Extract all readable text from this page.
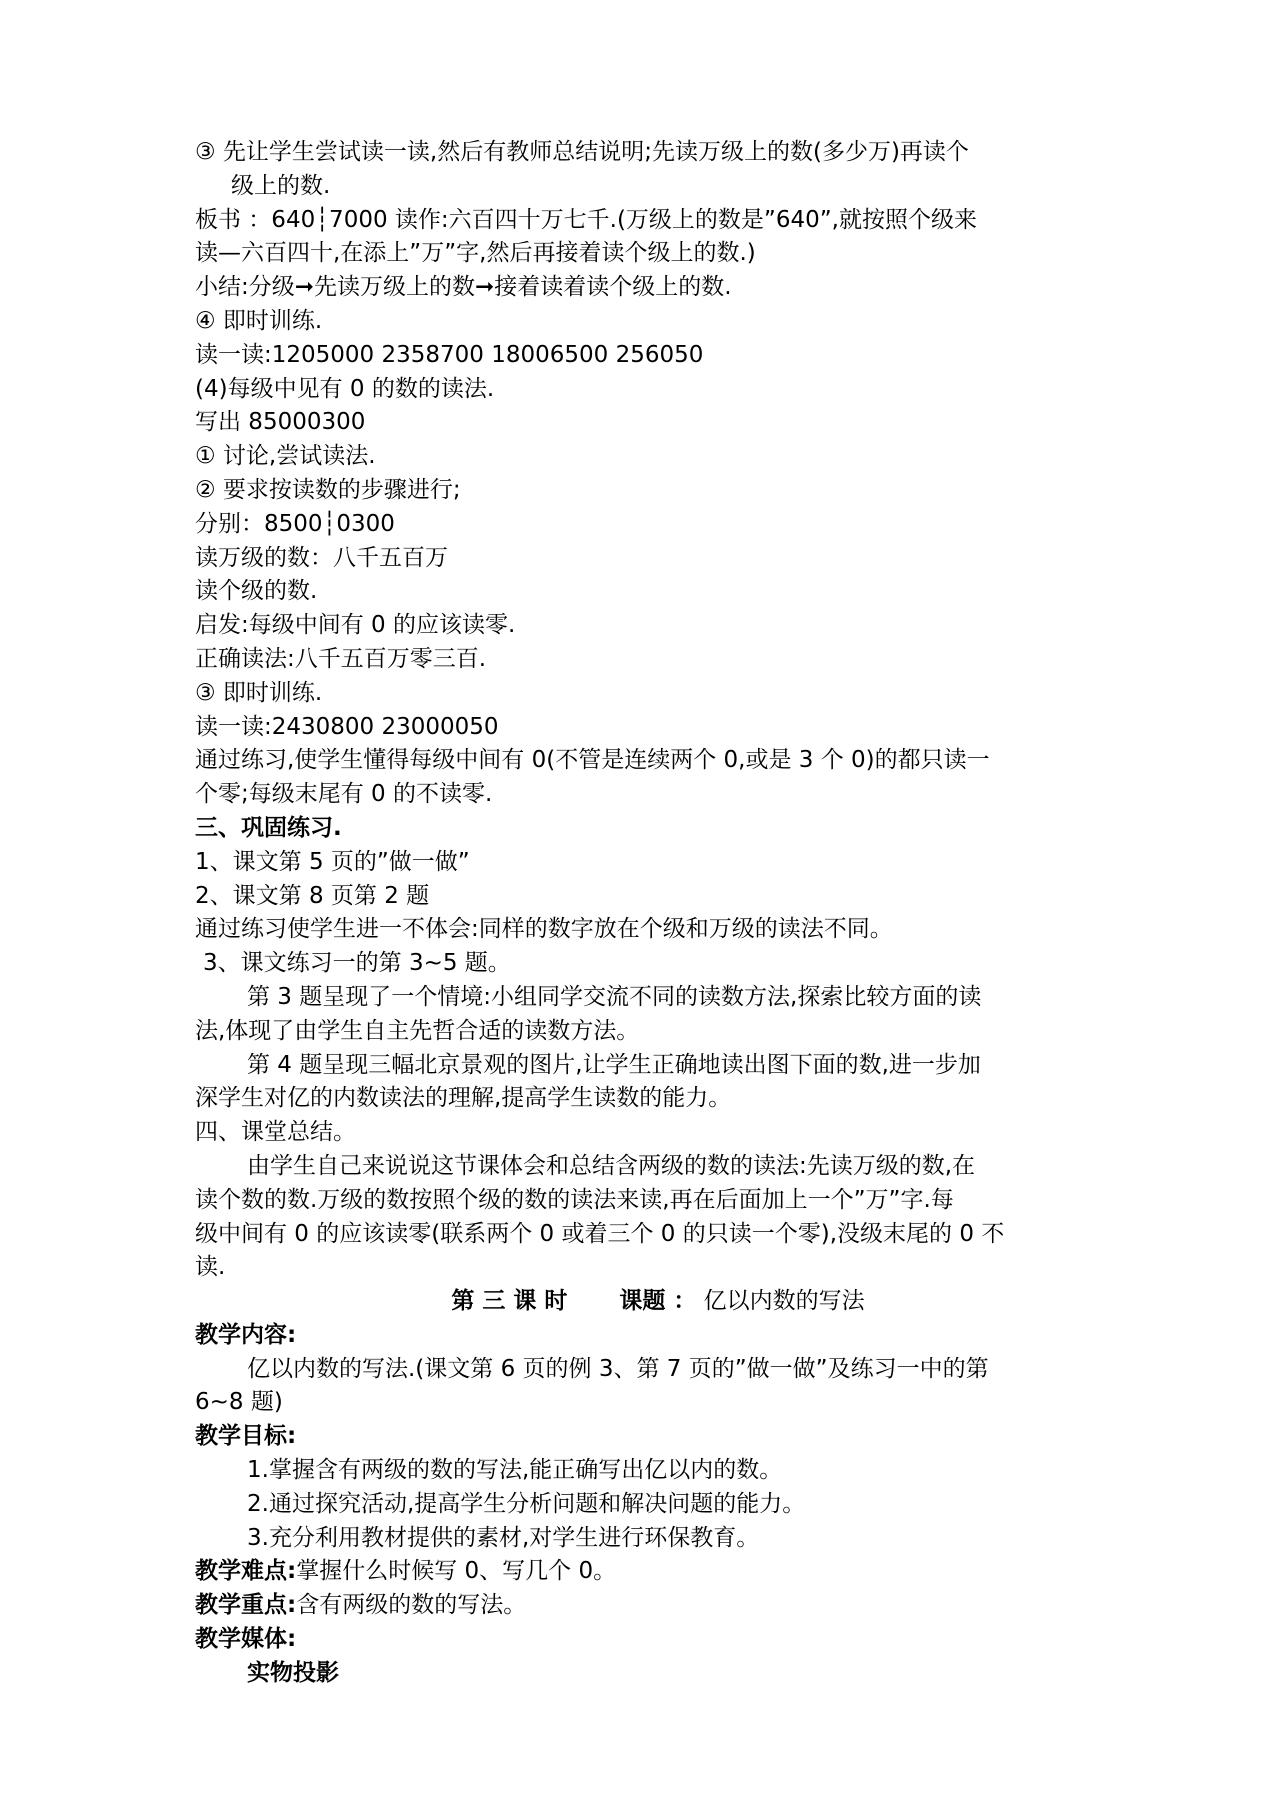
③ 先让学生尝试读一读,然后有教师总结说明;先读万级上的数(多少万)再读个

级上的数.

板书 ：640┆7000 读作:六百四十万七千.(万级上的数是”640”,就按照个级来

读—六百四十,在添上”万”字,然后再接着读个级上的数.)

小结:分级➞先读万级上的数➞接着读着读个级上的数.

④ 即时训练.

读一读:1205000 2358700 18006500 256050

(4)每级中见有 0 的数的读法.

写出 85000300

① 讨论,尝试读法.

② 要求按读数的步骤进行;

分别：8500┆0300

读万级的数：八千五百万

读个级的数.

启发:每级中间有 0 的应该读零.

正确读法:八千五百万零三百.

③ 即时训练.

读一读:2430800 23000050

通过练习,使学生懂得每级中间有 0(不管是连续两个 0,或是 3 个 0)的都只读一

个零;每级末尾有 0 的不读零.

三、巩固练习.

1、课文第 5 页的”做一做”

2、课文第 8 页第 2 题

通过练习使学生进一不体会:同样的数字放在个级和万级的读法不同。

3、课文练习一的第 3~5 题。

第 3 题呈现了一个情境:小组同学交流不同的读数方法,探索比较方面的读

法,体现了由学生自主先哲合适的读数方法。

第 4 题呈现三幅北京景观的图片,让学生正确地读出图下面的数,进一步加

深学生对亿的内数读法的理解,提高学生读数的能力。

四、课堂总结。

由学生自己来说说这节课体会和总结含两级的数的读法:先读万级的数,在

读个数的数.万级的数按照个级的数的读法来读,再在后面加上一个”万”字.每

级中间有 0 的应该读零(联系两个 0 或着三个 0 的只读一个零),没级末尾的 0 不

读.

第 三 课 时 课题 ： 亿以内数的写法

教学内容:

亿以内数的写法.(课文第 6 页的例 3、第 7 页的”做一做”及练习一中的第

6~8 题)

教学目标:

1.掌握含有两级的数的写法,能正确写出亿以内的数。

2.通过探究活动,提高学生分析问题和解决问题的能力。

3.充分利用教材提供的素材,对学生进行环保教育。

教学难点:掌握什么时候写 0、写几个 0。

教学重点:含有两级的数的写法。

教学媒体:

实物投影
